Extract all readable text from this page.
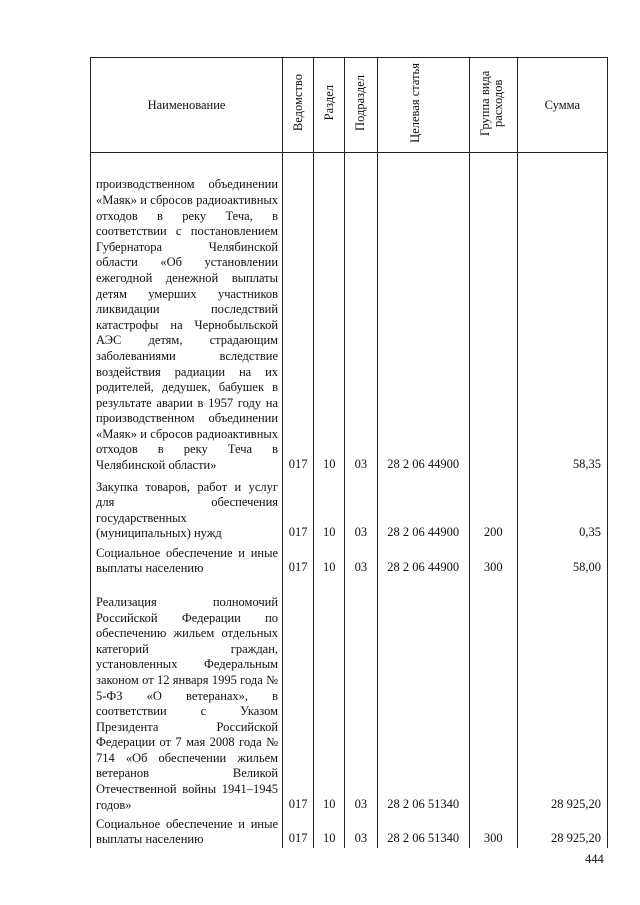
Наименование	Ведомство	Раздел	Подраздел	Целевая статья	Группа вида расходов	Сумма
производственном объединении «Маяк» и сбросов радиоактивных отходов в реку Теча, в соответствии с постановлением Губернатора Челябинской области «Об установлении ежегодной денежной выплаты детям умерших участников ликвидации последствий катастрофы на Чернобыльской АЭС детям, страдающим заболеваниями вследствие воздействия радиации на их родителей, дедушек, бабушек в результате аварии в 1957 году на производственном объединении «Маяк» и сбросов радиоактивных отходов в реку Теча в Челябинской области»	017	10	03	28 2 06 44900		58,35
Закупка товаров, работ и услуг для обеспечения государственных (муниципальных) нужд	017	10	03	28 2 06 44900	200	0,35
Социальное обеспечение и иные выплаты населению	017	10	03	28 2 06 44900	300	58,00
Реализация полномочий Российской Федерации по обеспечению жильем отдельных категорий граждан, установленных Федеральным законом от 12 января 1995 года № 5-ФЗ «О ветеранах», в соответствии с Указом Президента Российской Федерации от 7 мая 2008 года № 714 «Об обеспечении жильем ветеранов Великой Отечественной войны 1941–1945 годов»	017	10	03	28 2 06 51340		28 925,20
Социальное обеспечение и иные выплаты населению	017	10	03	28 2 06 51340	300	28 925,20
444
